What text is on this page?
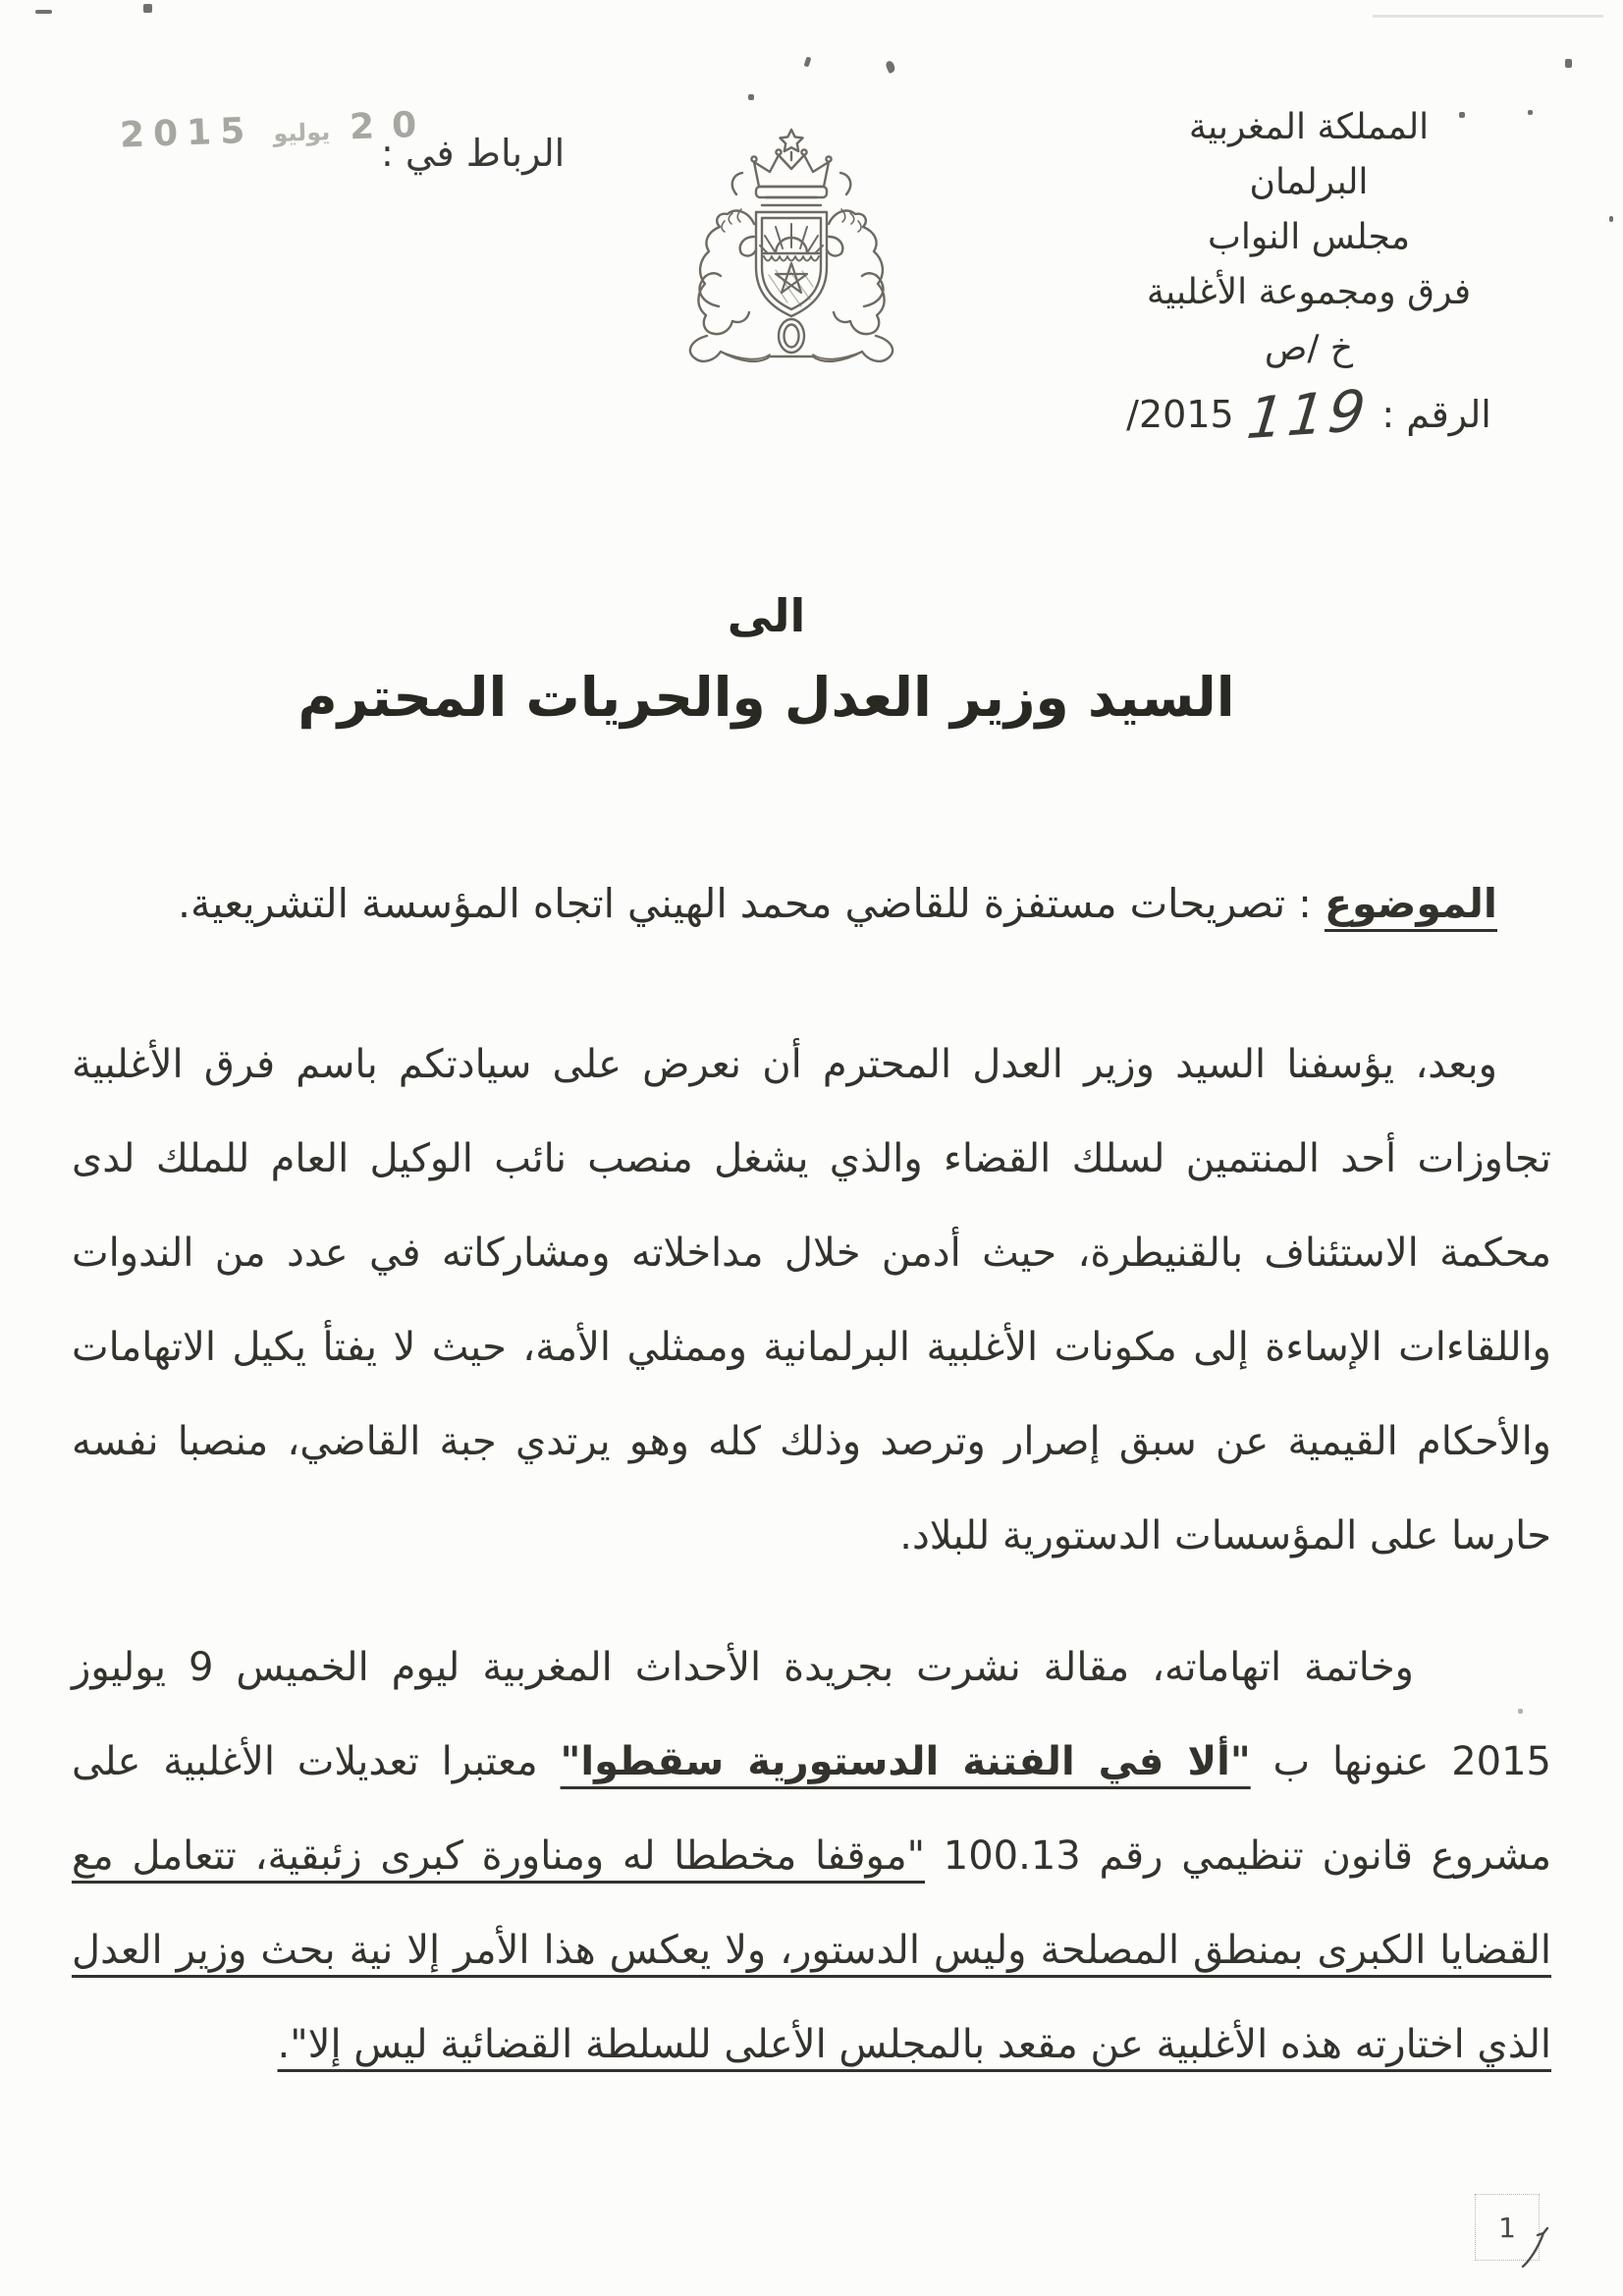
2015 يوليو 20
الرباط في :
المملكة المغربية
البرلمان
مجلس النواب
فرق ومجموعة الأغلبية
خ /ص
/2015 119 الرقم :
الى
السيد وزير العدل والحريات المحترم
الموضوع : تصريحات مستفزة للقاضي محمد الهيني اتجاه المؤسسة التشريعية.

وبعد، يؤسفنا السيد وزير العدل المحترم أن نعرض على سيادتكم باسم فرق الأغلبية تجاوزات أحد المنتمين لسلك القضاء والذي يشغل منصب نائب الوكيل العام للملك لدى محكمة الاستئناف بالقنيطرة، حيث أدمن خلال مداخلاته ومشاركاته في عدد من الندوات واللقاءات الإساءة إلى مكونات الأغلبية البرلمانية وممثلي الأمة، حيث لا يفتأ يكيل الاتهامات والأحكام القيمية عن سبق إصرار وترصد وذلك كله وهو يرتدي جبة القاضي، منصبا نفسه حارسا على المؤسسات الدستورية للبلاد.

وخاتمة اتهاماته، مقالة نشرت بجريدة الأحداث المغربية ليوم الخميس 9 يوليوز 2015 عنونها ب "ألا في الفتنة الدستورية سقطوا" معتبرا تعديلات الأغلبية على مشروع قانون تنظيمي رقم 100.13 "موقفا مخططا له ومناورة كبرى زئبقية، تتعامل مع القضايا الكبرى بمنطق المصلحة وليس الدستور، ولا يعكس هذا الأمر إلا نية بحث وزير العدل الذي اختارته هذه الأغلبية عن مقعد بالمجلس الأعلى للسلطة القضائية ليس إلا".

1
